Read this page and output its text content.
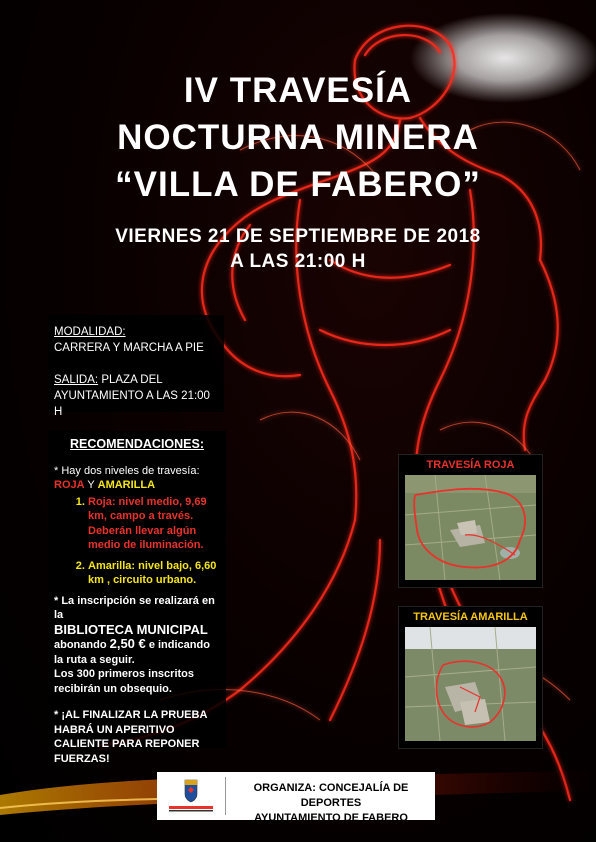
IV TRAVESÍA
NOCTURNA MINERA
“VILLA DE FABERO”
VIERNES 21 DE SEPTIEMBRE DE 2018
A LAS 21:00 H
MODALIDAD:
CARRERA Y MARCHA A PIE
SALIDA: PLAZA DEL
AYUNTAMIENTO A LAS 21:00 H
RECOMENDACIONES:
* Hay dos niveles de travesía:
ROJA Y AMARILLA
1. Roja: nivel medio, 9,69 km, campo a través. Deberán llevar algún medio de iluminación.
2. Amarilla: nivel bajo, 6,60 km , circuito urbano.
* La inscripción se realizará en la
BIBLIOTECA MUNICIPAL
abonando 2,50 € e indicando la ruta a seguir.
Los 300 primeros inscritos recibirán un obsequio.
* ¡AL FINALIZAR LA PRUEBA HABRÁ UN APERITIVO CALIENTE PARA REPONER FUERZAS!
TRAVESÍA ROJA
TRAVESÍA AMARILLA
ORGANIZA: CONCEJALÍA DE DEPORTES
AYUNTAMIENTO DE FABERO
